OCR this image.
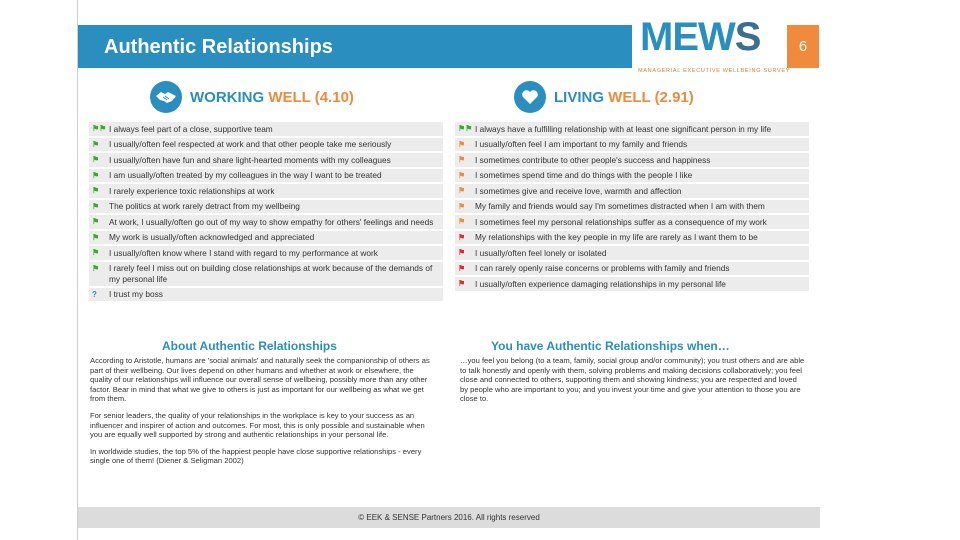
Authentic Relationships	MEWS
MANAGERIAL EXECUTIVE WELLBEING SURVEY
6
WORKING WELL (4.10)	LIVING WELL (2.91)
⚑⚑ I always feel part of a close, supportive team
⚑	I usually/often feel respected at work and that other people take me seriously
⚑	I usually/often have fun and share light-hearted moments with my colleagues
⚑	I am usually/often treated by my colleagues in the way I want to be treated
⚑	I rarely experience toxic relationships at work
⚑	The politics at work rarely detract from my wellbeing
⚑	At work, I usually/often go out of my way to show empathy for others' feelings and needs
⚑	My work is usually/often acknowledged and appreciated
⚑	I usually/often know where I stand with regard to my performance at work
⚑	I rarely feel I miss out on building close relationships at work because of the demands of my personal life
?	I trust my boss
⚑⚑ I always have a fulfilling relationship with at least one significant person in my life
⚑	I usually/often feel I am important to my family and friends
⚑	I sometimes contribute to other people's success and happiness
⚑	I sometimes spend time and do things with the people I like
⚑	I sometimes give and receive love, warmth and affection
⚑	My family and friends would say I'm sometimes distracted when I am with them
⚑	I sometimes feel my personal relationships suffer as a consequence of my work
⚑	My relationships with the key people in my life are rarely as I want them to be
⚑	I usually/often feel lonely or isolated
⚑	I can rarely openly raise concerns or problems with family and friends
⚑	I usually/often experience damaging relationships in my personal life
About Authentic Relationships

According to Aristotle, humans are 'social animals' and naturally seek the companionship of others as part of their wellbeing. Our lives depend on other humans and whether at work or elsewhere, the quality of our relationships will influence our overall sense of wellbeing, possibly more than any other factor. Bear in mind that what we give to others is just as important for our wellbeing as what we get from them.

For senior leaders, the quality of your relationships in the workplace is key to your success as an influencer and inspirer of action and outcomes. For most, this is only possible and sustainable when you are equally well supported by strong and authentic relationships in your personal life.

In worldwide studies, the top 5% of the happiest people have close supportive relationships - every single one of them! (Diener & Seligman 2002)

You have Authentic Relationships when…

…you feel you belong (to a team, family, social group and/or community); you trust others and are able to talk honestly and openly with them, solving problems and making decisions collaboratively; you feel close and connected to others, supporting them and showing kindness; you are respected and loved by people who are important to you; and you invest your time and give your attention to those you are close to.

© EEK & SENSE Partners 2016. All rights reserved
